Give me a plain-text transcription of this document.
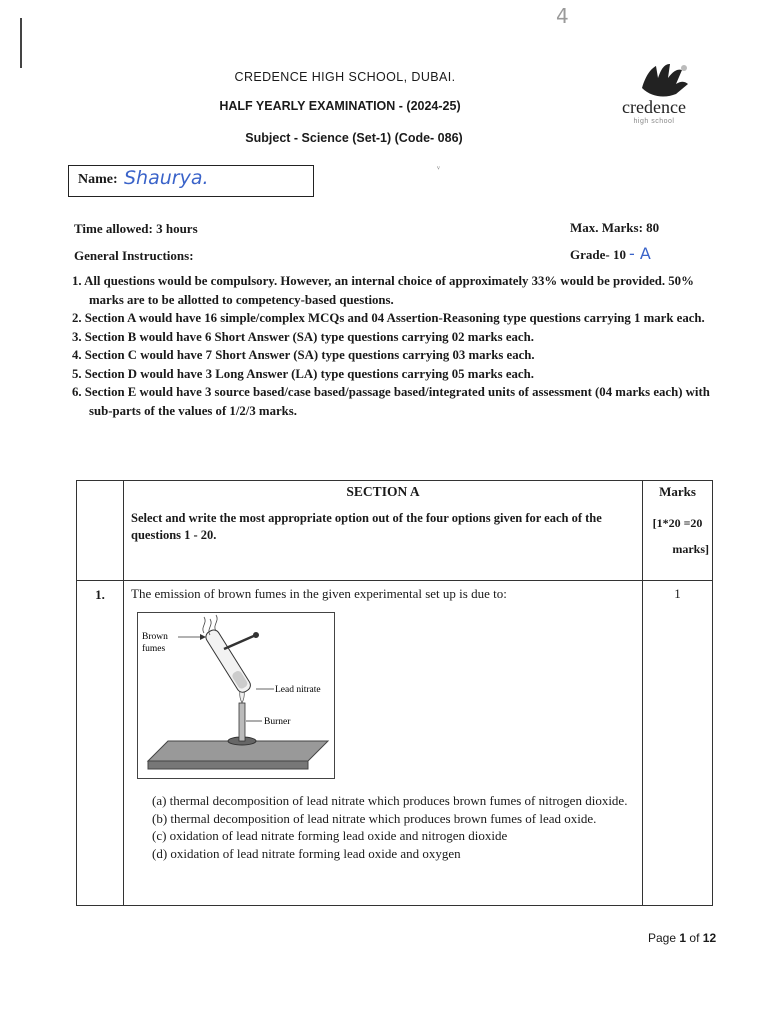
4
CREDENCE HIGH SCHOOL, DUBAI.
HALF YEARLY EXAMINATION - (2024-25)
Subject - Science (Set-1) (Code- 086)
credence
high school
Name: Shaurya.	ᵛ
Time allowed: 3 hours	Max. Marks: 80
General Instructions:	Grade- 10 - A
1. All questions would be compulsory. However, an internal choice of approximately 33% would be provided. 50% marks are to be allotted to competency-based questions.
2. Section A would have 16 simple/complex MCQs and 04 Assertion-Reasoning type questions carrying 1 mark each.
3. Section B would have 6 Short Answer (SA) type questions carrying 02 marks each.
4. Section C would have 7 Short Answer (SA) type questions carrying 03 marks each.
5. Section D would have 3 Long Answer (LA) type questions carrying 05 marks each.
6. Section E would have 3 source based/case based/passage based/integrated units of assessment (04 marks each) with sub-parts of the values of 1/2/3 marks.
SECTION A
Select and write the most appropriate option out of the four options given for each of the questions 1 - 20.
Marks
[1*20 =20
marks]
1.	The emission of brown fumes in the given experimental set up is due to:	1
Brown
fumes
Lead nitrate
Burner
(a) thermal decomposition of lead nitrate which produces brown fumes of nitrogen dioxide.
(b) thermal decomposition of lead nitrate which produces brown fumes of lead oxide.
(c) oxidation of lead nitrate forming lead oxide and nitrogen dioxide
(d) oxidation of lead nitrate forming lead oxide and oxygen
Page 1 of 12
